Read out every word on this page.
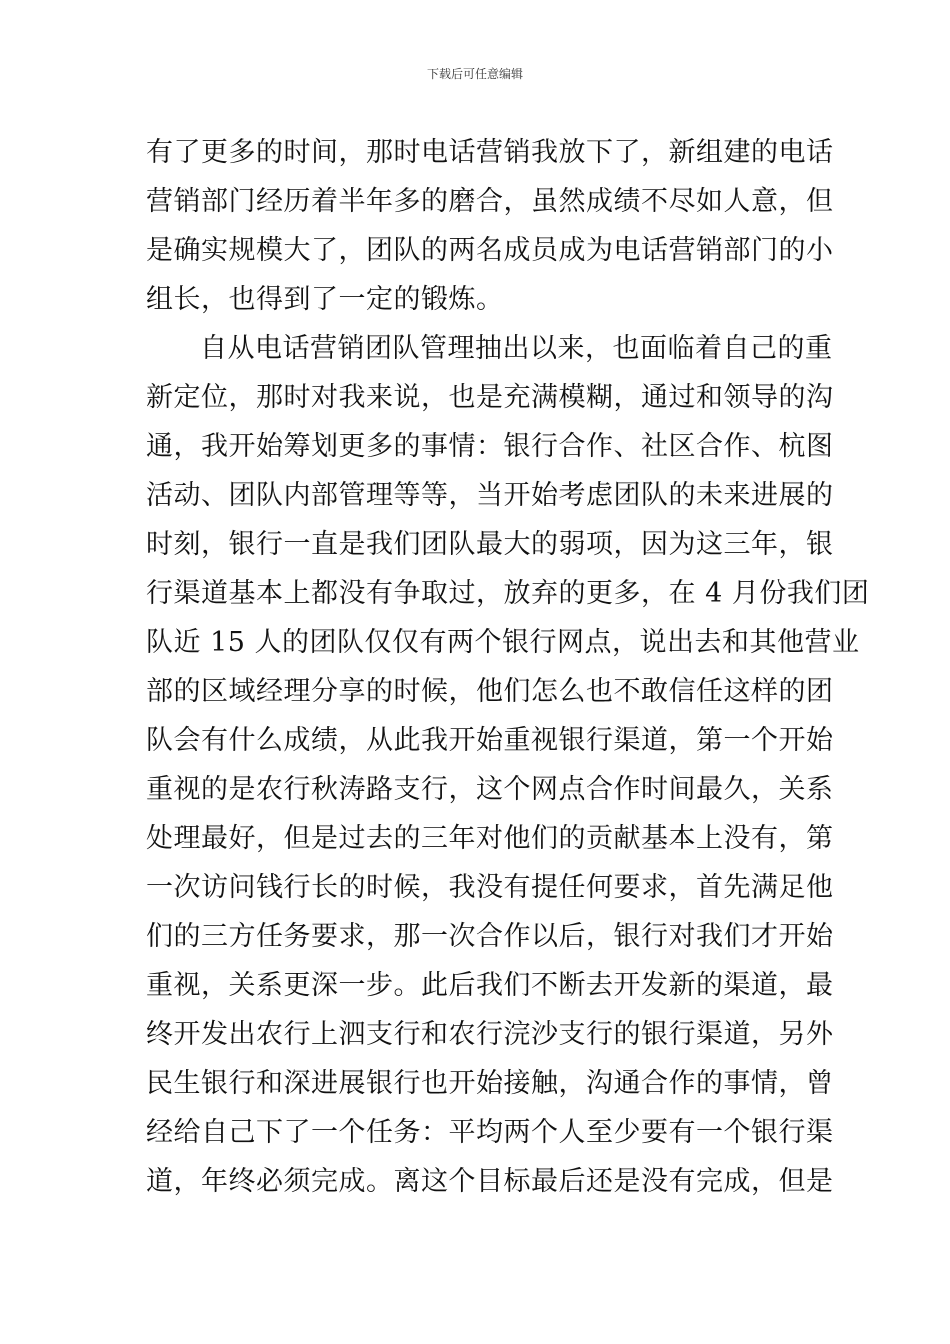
下载后可任意编辑
有了更多的时间，那时电话营销我放下了，新组建的电话
营销部门经历着半年多的磨合，虽然成绩不尽如人意，但
是确实规模大了，团队的两名成员成为电话营销部门的小
组长，也得到了一定的锻炼。
自从电话营销团队管理抽出以来，也面临着自己的重
新定位，那时对我来说，也是充满模糊，通过和领导的沟
通，我开始筹划更多的事情：银行合作、社区合作、杭图
活动、团队内部管理等等，当开始考虑团队的未来进展的
时刻，银行一直是我们团队最大的弱项，因为这三年，银
行渠道基本上都没有争取过，放弃的更多，在 4 月份我们团
队近 15 人的团队仅仅有两个银行网点，说出去和其他营业
部的区域经理分享的时候，他们怎么也不敢信任这样的团
队会有什么成绩，从此我开始重视银行渠道，第一个开始
重视的是农行秋涛路支行，这个网点合作时间最久，关系
处理最好，但是过去的三年对他们的贡献基本上没有，第
一次访问钱行长的时候，我没有提任何要求，首先满足他
们的三方任务要求，那一次合作以后，银行对我们才开始
重视，关系更深一步。此后我们不断去开发新的渠道，最
终开发出农行上泗支行和农行浣沙支行的银行渠道，另外
民生银行和深进展银行也开始接触，沟通合作的事情，曾
经给自己下了一个任务：平均两个人至少要有一个银行渠
道，年终必须完成。离这个目标最后还是没有完成，但是
